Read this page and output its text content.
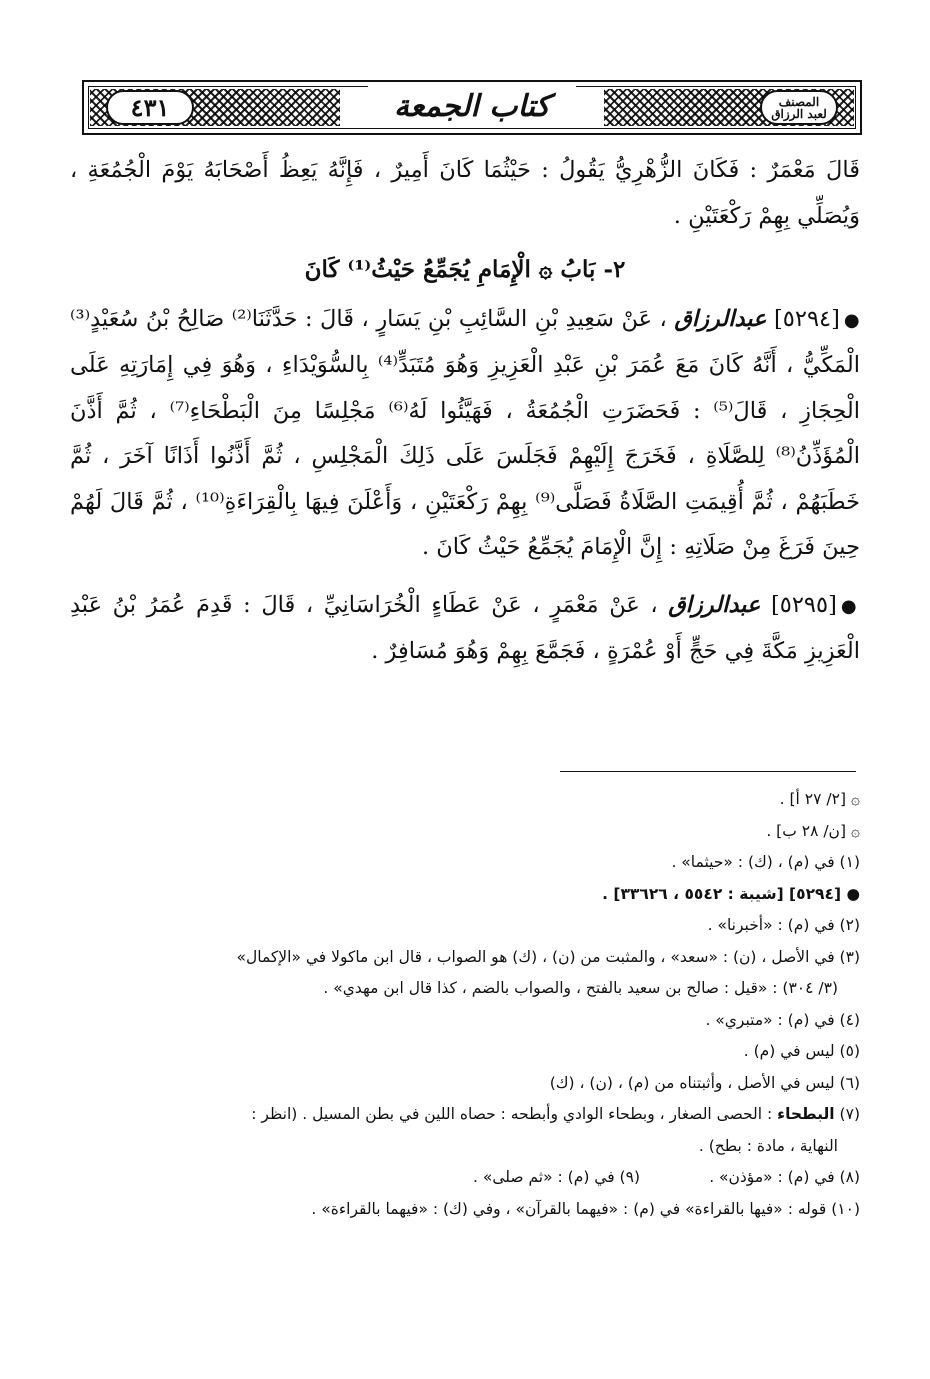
٤٣١	المصنف
لعبد الرزاق
كتاب الجمعة

قَالَ مَعْمَرٌ : فَكَانَ الزُّهْرِيُّ يَقُولُ : حَيْثُمَا كَانَ أَمِيرٌ ، فَإِنَّهُ يَعِظُ أَصْحَابَهُ يَوْمَ الْجُمُعَةِ ، وَيُصَلِّي بِهِمْ رَكْعَتَيْنِ .

٢- بَابُ ۞ الْإِمَامِ يُجَمِّعُ حَيْثُ⁽¹⁾ كَانَ

●[٥٢٩٤] عبدالرزاق ، عَنْ سَعِيدِ بْنِ السَّائِبِ بْنِ يَسَارٍ ، قَالَ : حَدَّثَنَا⁽²⁾ صَالِحُ بْنُ سُعَيْدٍ⁽³⁾ الْمَكِّيُّ ، أَنَّهُ كَانَ مَعَ عُمَرَ بْنِ عَبْدِ الْعَزِيزِ وَهُوَ مُتَبَدٍّ⁽⁴⁾ بِالسُّوَيْدَاءِ ، وَهُوَ فِي إِمَارَتِهِ عَلَى الْحِجَازِ ، قَالَ⁽⁵⁾ : فَحَضَرَتِ الْجُمُعَةُ ، فَهَيَّئُوا لَهُ⁽⁶⁾ مَجْلِسًا مِنَ الْبَطْحَاءِ⁽⁷⁾ ، ثُمَّ أَذَّنَ الْمُؤَذِّنُ⁽⁸⁾ لِلصَّلَاةِ ، فَخَرَجَ إِلَيْهِمْ فَجَلَسَ عَلَى ذَلِكَ الْمَجْلِسِ ، ثُمَّ أَذَّنُوا أَذَانًا آخَرَ ، ثُمَّ خَطَبَهُمْ ، ثُمَّ أُقِيمَتِ الصَّلَاةُ فَصَلَّى⁽⁹⁾ بِهِمْ رَكْعَتَيْنِ ، وَأَعْلَنَ فِيهَا بِالْقِرَاءَةِ⁽¹⁰⁾ ، ثُمَّ قَالَ لَهُمْ حِينَ فَرَغَ مِنْ صَلَاتِهِ : إِنَّ الْإِمَامَ يُجَمِّعُ حَيْثُ كَانَ .

●[٥٢٩٥] عبدالرزاق ، عَنْ مَعْمَرٍ ، عَنْ عَطَاءٍ الْخُرَاسَانِيِّ ، قَالَ : قَدِمَ عُمَرُ بْنُ عَبْدِ الْعَزِيزِ مَكَّةَ فِي حَجٍّ أَوْ عُمْرَةٍ ، فَجَمَّعَ بِهِمْ وَهُوَ مُسَافِرٌ .

۞ [٢/ ٢٧ أ] .

۞ [ن/ ٢٨ ب] .

(١) في (م) ، (ك) : «حيثما» .

● [٥٢٩٤] [شيبة : ٥٥٤٢ ، ٣٣٦٢٦] .

(٢) في (م) : «أخبرنا» .

(٣) في الأصل ، (ن) : «سعد» ، والمثبت من (ن) ، (ك) هو الصواب ، قال ابن ماكولا في «الإكمال»

(٣/ ٣٠٤) : «قيل : صالح بن سعيد بالفتح ، والصواب بالضم ، كذا قال ابن مهدي» .

(٤) في (م) : «متبري» .

(٥) ليس في (م) .

(٦) ليس في الأصل ، وأثبتناه من (م) ، (ن) ، (ك)

(٧) البطحاء : الحصى الصغار ، وبطحاء الوادي وأبطحه : حصاه اللين في بطن المسيل . (انظر :

النهاية ، مادة : بطح) .

(٨) في (م) : «مؤذن» .
(٩) في (م) : «ثم صلى» .

(١٠) قوله : «فيها بالقراءة» في (م) : «فيهما بالقرآن» ، وفي (ك) : «فيهما بالقراءة» .
